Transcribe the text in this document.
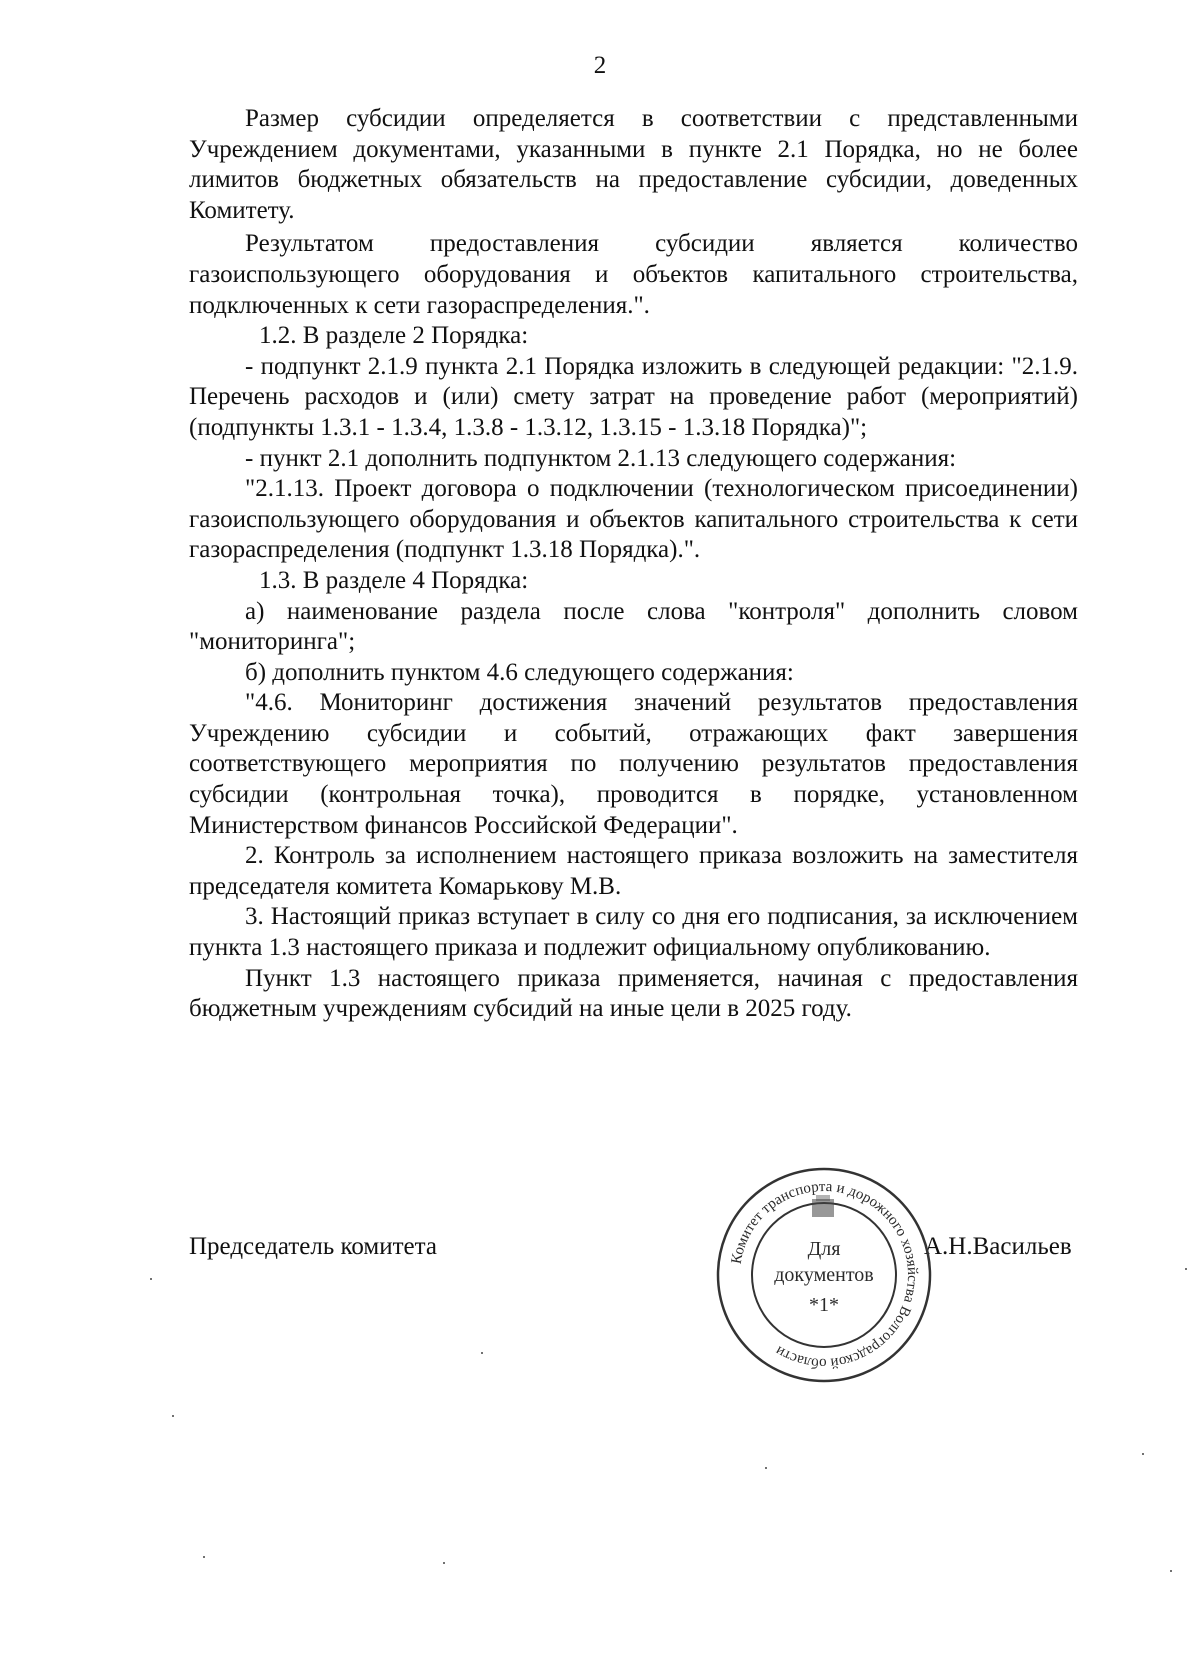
2

Размер субсидии определяется в соответствии с представленными Учреждением документами, указанными в пункте 2.1 Порядка, но не более лимитов бюджетных обязательств на предоставление субсидии, доведенных Комитету.

Результатом предоставления субсидии является количество газоиспользующего оборудования и объектов капитального строительства, подключенных к сети газораспределения.".

1.2. В разделе 2 Порядка:

- подпункт 2.1.9 пункта 2.1 Порядка изложить в следующей редакции: "2.1.9. Перечень расходов и (или) смету затрат на проведение работ (мероприятий) (подпункты 1.3.1 - 1.3.4, 1.3.8 - 1.3.12, 1.3.15 - 1.3.18 Порядка)";

- пункт 2.1 дополнить подпунктом 2.1.13 следующего содержания:

"2.1.13. Проект договора о подключении (технологическом присоединении) газоиспользующего оборудования и объектов капитального строительства к сети газораспределения (подпункт 1.3.18 Порядка).".

1.3. В разделе 4 Порядка:

а) наименование раздела после слова "контроля" дополнить словом "мониторинга";

б) дополнить пунктом 4.6 следующего содержания:

"4.6. Мониторинг достижения значений результатов предоставления Учреждению субсидии и событий, отражающих факт завершения соответствующего мероприятия по получению результатов предоставления субсидии (контрольная точка), проводится в порядке, установленном Министерством финансов Российской Федерации".

2. Контроль за исполнением настоящего приказа возложить на заместителя председателя комитета Комарькову М.В.

3. Настоящий приказ вступает в силу со дня его подписания, за исключением пункта 1.3 настоящего приказа и подлежит официальному опубликованию.

Пункт 1.3 настоящего приказа применяется, начиная с предоставления бюджетным учреждениям субсидий на иные цели в 2025 году.

Председатель комитета	А.Н.Васильев
Комитет транспорта и дорожного хозяйства Волгоградской области
Для
документов
*1*
